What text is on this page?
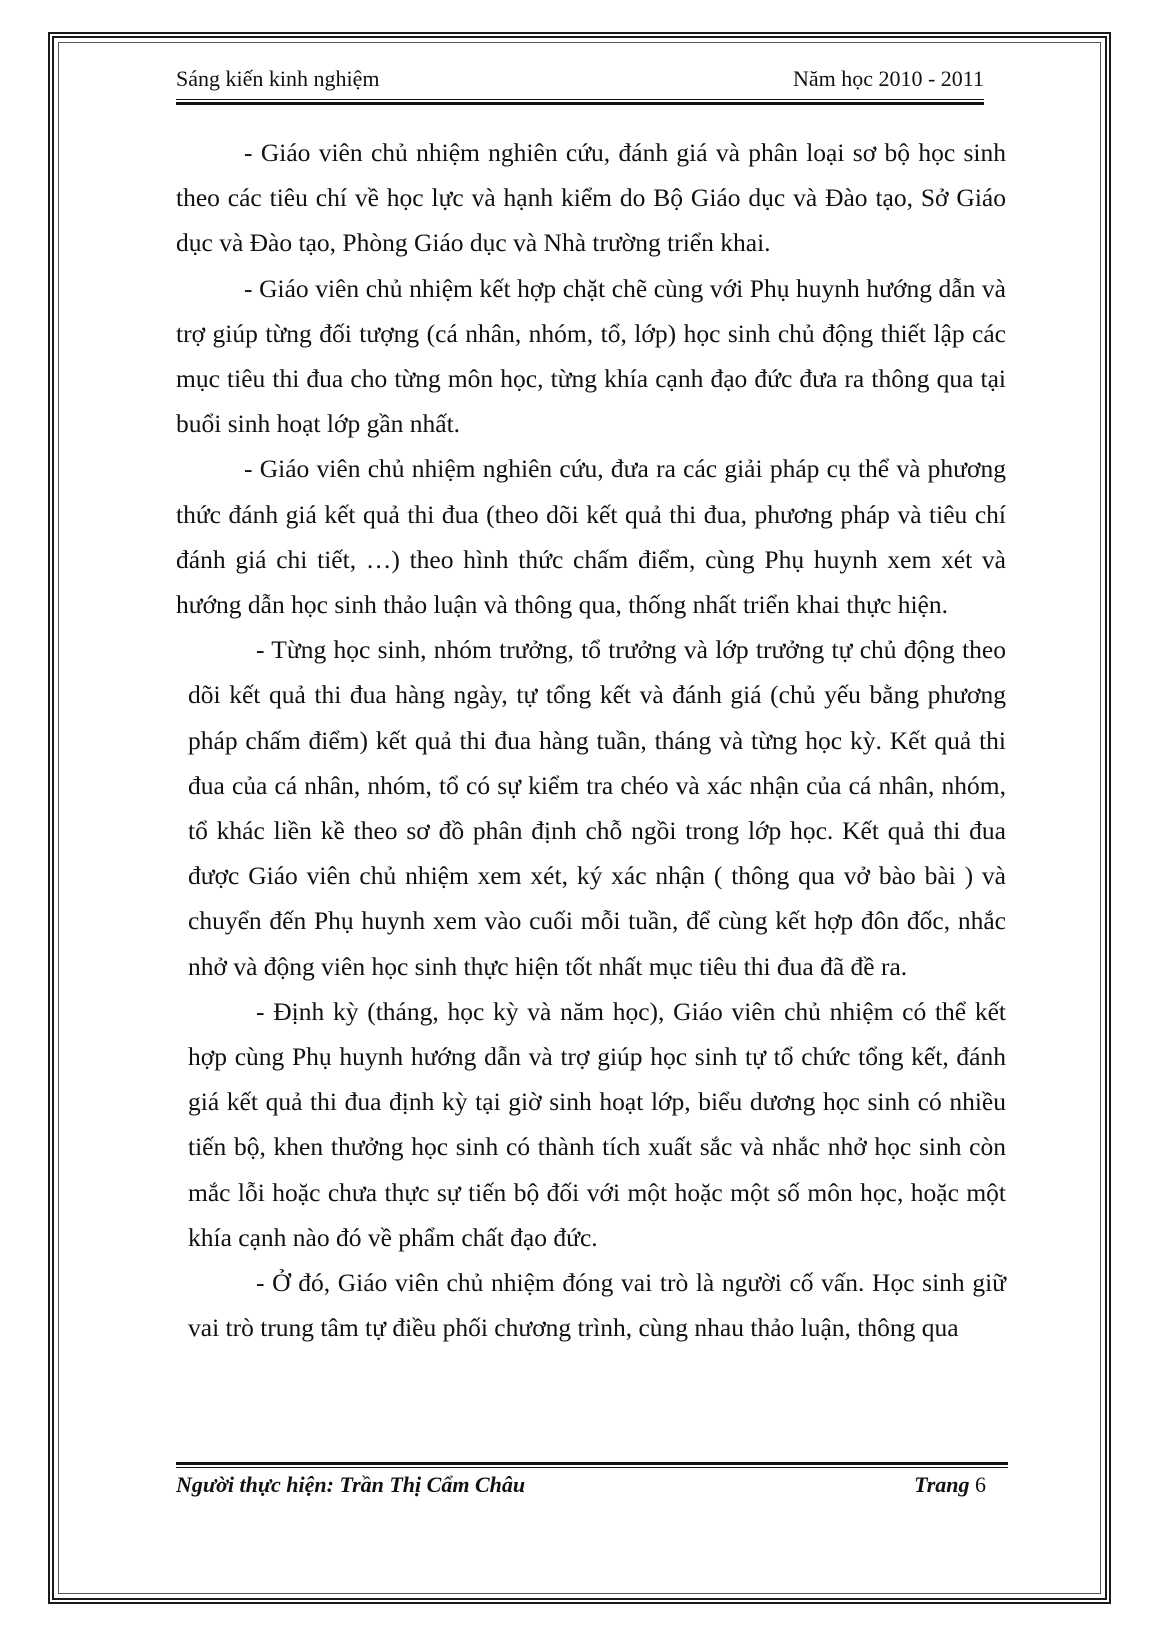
Sáng kiến kinh nghiệm	Năm học 2010 - 2011

- Giáo viên chủ nhiệm nghiên cứu, đánh giá và phân loại sơ bộ học sinh theo các tiêu chí về học lực và hạnh kiểm do Bộ Giáo dục và Đào tạo, Sở Giáo dục và Đào tạo, Phòng Giáo dục và Nhà trường triển khai.

- Giáo viên chủ nhiệm kết hợp chặt chẽ cùng với Phụ huynh hướng dẫn và trợ giúp từng đối tượng (cá nhân, nhóm, tổ, lớp) học sinh chủ động thiết lập các mục tiêu thi đua cho từng môn học, từng khía cạnh đạo đức đưa ra thông qua tại buổi sinh hoạt lớp gần nhất.

- Giáo viên chủ nhiệm nghiên cứu, đưa ra các giải pháp cụ thể và phương thức đánh giá kết quả thi đua (theo dõi kết quả thi đua, phương pháp và tiêu chí đánh giá chi tiết, …) theo hình thức chấm điểm, cùng Phụ huynh xem xét và hướng dẫn học sinh thảo luận và thông qua, thống nhất triển khai thực hiện.

- Từng học sinh, nhóm trưởng, tổ trưởng và lớp trưởng tự chủ động theo dõi kết quả thi đua hàng ngày, tự tổng kết và đánh giá (chủ yếu bằng phương pháp chấm điểm) kết quả thi đua hàng tuần, tháng và từng học kỳ. Kết quả thi đua của cá nhân, nhóm, tổ có sự kiểm tra chéo và xác nhận của cá nhân, nhóm, tổ khác liền kề theo sơ đồ phân định chỗ ngồi trong lớp học. Kết quả thi đua được Giáo viên chủ nhiệm xem xét, ký xác nhận ( thông qua vở bào bài ) và chuyển đến Phụ huynh xem vào cuối mỗi tuần, để cùng kết hợp đôn đốc, nhắc nhở và động viên học sinh thực hiện tốt nhất mục tiêu thi đua đã đề ra.

- Định kỳ (tháng, học kỳ và năm học), Giáo viên chủ nhiệm có thể kết hợp cùng Phụ huynh hướng dẫn và trợ giúp học sinh tự tổ chức tổng kết, đánh giá kết quả thi đua định kỳ tại giờ sinh hoạt lớp, biểu dương học sinh có nhiều tiến bộ, khen thưởng học sinh có thành tích xuất sắc và nhắc nhở học sinh còn mắc lỗi hoặc chưa thực sự tiến bộ đối với một hoặc một số môn học, hoặc một khía cạnh nào đó về phẩm chất đạo đức.

- Ở đó, Giáo viên chủ nhiệm đóng vai trò là người cố vấn. Học sinh giữ vai trò trung tâm tự điều phối chương trình, cùng nhau thảo luận, thông qua

Người thực hiện: Trần Thị Cẩm Châu	Trang 6
